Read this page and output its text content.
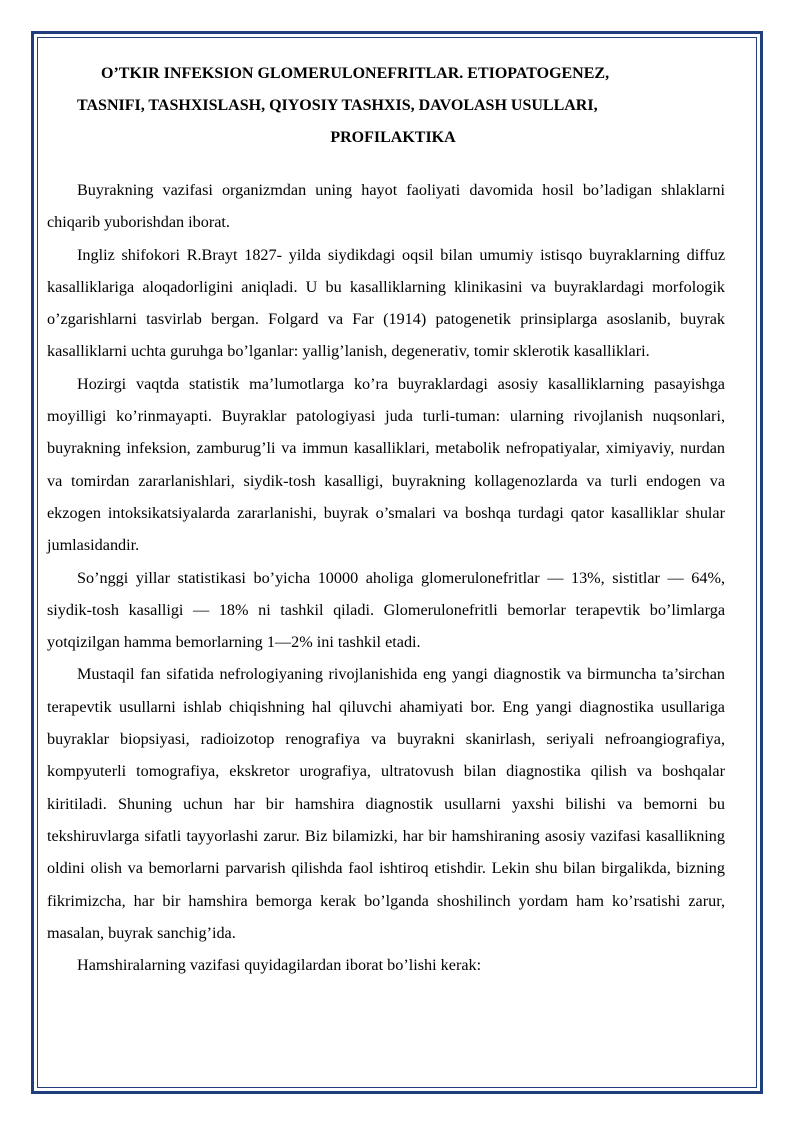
O’TKIR INFEKSION GLOMERULONEFRITLAR. ETIOPATOGENEZ,
TASNIFI, TASHXISLASH, QIYOSIY TASHXIS, DAVOLASH USULLARI,
PROFILAKTIKA

Buyrakning vazifasi organizmdan uning hayot faoliyati davomida hosil bo’ladigan shlaklarni chiqarib yuborishdan iborat.

Ingliz shifokori R.Brayt 1827- yilda siydikdagi oqsil bilan umumiy istisqo buyraklarning diffuz kasalliklariga aloqadorligini aniqladi. U bu kasalliklarning klinikasini va buyraklardagi morfologik o’zgarishlarni tasvirlab bergan. Folgard va Far (1914) patogenetik prinsiplarga asoslanib, buyrak kasalliklarni uchta guruhga bo’lganlar: yallig’lanish, degenerativ, tomir sklerotik kasalliklari.

Hozirgi vaqtda statistik ma’lumotlarga ko’ra buyraklardagi asosiy kasalliklarning pasayishga moyilligi ko’rinmayapti. Buyraklar patologiyasi juda turli-tuman: ularning rivojlanish nuqsonlari, buyrakning infeksion, zamburug’li va immun kasalliklari, metabolik nefropatiyalar, ximiyaviy, nurdan va tomirdan zararlanishlari, siydik-tosh kasalligi, buyrakning kollagenozlarda va turli endogen va ekzogen intoksikatsiyalarda zararlanishi, buyrak o’smalari va boshqa turdagi qator kasalliklar shular jumlasidandir.

So’nggi yillar statistikasi bo’yicha 10000 aholiga glomerulonefritlar — 13%, sistitlar — 64%, siydik-tosh kasalligi — 18% ni tashkil qiladi. Glomerulonefritli bemorlar terapevtik bo’limlarga yotqizilgan hamma bemorlarning 1—2% ini tashkil etadi.

Mustaqil fan sifatida nefrologiyaning rivojlanishida eng yangi diagnostik va birmuncha ta’sirchan terapevtik usullarni ishlab chiqishning hal qiluvchi ahamiyati bor. Eng yangi diagnostika usullariga buyraklar biopsiyasi, radioizotop renografiya va buyrakni skanirlash, seriyali nefroangiografiya, kompyuterli tomografiya, ekskretor urografiya, ultratovush bilan diagnostika qilish va boshqalar kiritiladi. Shuning uchun har bir hamshira diagnostik usullarni yaxshi bilishi va bemorni bu tekshiruvlarga sifatli tayyorlashi zarur. Biz bilamizki, har bir hamshiraning asosiy vazifasi kasallikning oldini olish va bemorlarni parvarish qilishda faol ishtiroq etishdir. Lekin shu bilan birgalikda, bizning fikrimizcha, har bir hamshira bemorga kerak bo’lganda shoshilinch yordam ham ko’rsatishi zarur, masalan, buyrak sanchig’ida.

Hamshiralarning vazifasi quyidagilardan iborat bo’lishi kerak:
